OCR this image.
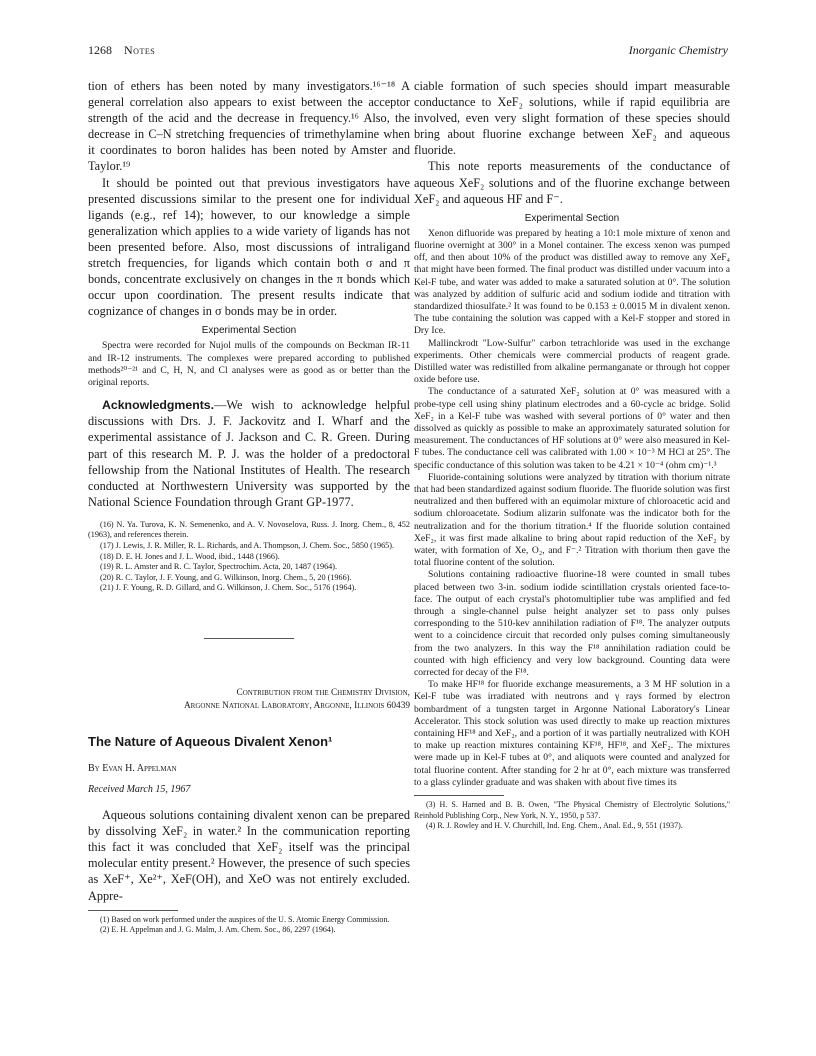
1268 Notes	Inorganic Chemistry

tion of ethers has been noted by many investigators.¹⁶⁻¹⁸ A general correlation also appears to exist between the acceptor strength of the acid and the decrease in frequency.¹⁶ Also, the decrease in C–N stretching frequencies of trimethylamine when it coordinates to boron halides has been noted by Amster and Taylor.¹⁹

It should be pointed out that previous investigators have presented discussions similar to the present one for individual ligands (e.g., ref 14); however, to our knowledge a simple generalization which applies to a wide variety of ligands has not been presented before. Also, most discussions of intraligand stretch frequencies, for ligands which contain both σ and π bonds, concentrate exclusively on changes in the π bonds which occur upon coordination. The present results indicate that cognizance of changes in σ bonds may be in order.

Experimental Section

Spectra were recorded for Nujol mulls of the compounds on Beckman IR-11 and IR-12 instruments. The complexes were prepared according to published methods²⁰⁻²¹ and C, H, N, and Cl analyses were as good as or better than the original reports.

Acknowledgments.—We wish to acknowledge helpful discussions with Drs. J. F. Jackovitz and I. Wharf and the experimental assistance of J. Jackson and C. R. Green. During part of this research M. P. J. was the holder of a predoctoral fellowship from the National Institutes of Health. The research conducted at Northwestern University was supported by the National Science Foundation through Grant GP-1977.

(16) N. Ya. Turova, K. N. Semenenko, and A. V. Novoselova, Russ. J. Inorg. Chem., 8, 452 (1963), and references therein.
(17) J. Lewis, J. R. Miller, R. L. Richards, and A. Thompson, J. Chem. Soc., 5850 (1965).
(18) D. E. H. Jones and J. L. Wood, ibid., 1448 (1966).
(19) R. L. Amster and R. C. Taylor, Spectrochim. Acta, 20, 1487 (1964).
(20) R. C. Taylor, J. F. Young, and G. Wilkinson, Inorg. Chem., 5, 20 (1966).
(21) J. F. Young, R. D. Gillard, and G. Wilkinson, J. Chem. Soc., 5176 (1964).
Contribution from the Chemistry Division,
Argonne National Laboratory, Argonne, Illinois 60439
The Nature of Aqueous Divalent Xenon¹
By Evan H. Appelman
Received March 15, 1967

Aqueous solutions containing divalent xenon can be prepared by dissolving XeF₂ in water.² In the communication reporting this fact it was concluded that XeF₂ itself was the principal molecular entity present.² However, the presence of such species as XeF⁺, Xe²⁺, XeF(OH), and XeO was not entirely excluded. Appre-

(1) Based on work performed under the auspices of the U. S. Atomic Energy Commission.
(2) E. H. Appelman and J. G. Malm, J. Am. Chem. Soc., 86, 2297 (1964).

ciable formation of such species should impart measurable conductance to XeF₂ solutions, while if rapid equilibria are involved, even very slight formation of these species should bring about fluorine exchange between XeF₂ and aqueous fluoride.

This note reports measurements of the conductance of aqueous XeF₂ solutions and of the fluorine exchange between XeF₂ and aqueous HF and F⁻.

Experimental Section

Xenon difluoride was prepared by heating a 10:1 mole mixture of xenon and fluorine overnight at 300° in a Monel container. The excess xenon was pumped off, and then about 10% of the product was distilled away to remove any XeF₄ that might have been formed. The final product was distilled under vacuum into a Kel-F tube, and water was added to make a saturated solution at 0°. The solution was analyzed by addition of sulfuric acid and sodium iodide and titration with standardized thiosulfate.² It was found to be 0.153 ± 0.0015 M in divalent xenon. The tube containing the solution was capped with a Kel-F stopper and stored in Dry Ice.

Mallinckrodt "Low-Sulfur" carbon tetrachloride was used in the exchange experiments. Other chemicals were commercial products of reagent grade. Distilled water was redistilled from alkaline permanganate or through hot copper oxide before use.

The conductance of a saturated XeF₂ solution at 0° was measured with a probe-type cell using shiny platinum electrodes and a 60-cycle ac bridge. Solid XeF₂ in a Kel-F tube was washed with several portions of 0° water and then dissolved as quickly as possible to make an approximately saturated solution for measurement. The conductances of HF solutions at 0° were also measured in Kel-F tubes. The conductance cell was calibrated with 1.00 × 10⁻³ M HCl at 25°. The specific conductance of this solution was taken to be 4.21 × 10⁻⁴ (ohm cm)⁻¹.³

Fluoride-containing solutions were analyzed by titration with thorium nitrate that had been standardized against sodium fluoride. The fluoride solution was first neutralized and then buffered with an equimolar mixture of chloroacetic acid and sodium chloroacetate. Sodium alizarin sulfonate was the indicator both for the neutralization and for the thorium titration.⁴ If the fluoride solution contained XeF₂, it was first made alkaline to bring about rapid reduction of the XeF₂ by water, with formation of Xe, O₂, and F⁻.² Titration with thorium then gave the total fluorine content of the solution.

Solutions containing radioactive fluorine-18 were counted in small tubes placed between two 3-in. sodium iodide scintillation crystals oriented face-to-face. The output of each crystal's photomultiplier tube was amplified and fed through a single-channel pulse height analyzer set to pass only pulses corresponding to the 510-kev annihilation radiation of F¹⁸. The analyzer outputs went to a coincidence circuit that recorded only pulses coming simultaneously from the two analyzers. In this way the F¹⁸ annihilation radiation could be counted with high efficiency and very low background. Counting data were corrected for decay of the F¹⁸.

To make HF¹⁸ for fluoride exchange measurements, a 3 M HF solution in a Kel-F tube was irradiated with neutrons and γ rays formed by electron bombardment of a tungsten target in Argonne National Laboratory's Linear Accelerator. This stock solution was used directly to make up reaction mixtures containing HF¹⁸ and XeF₂, and a portion of it was partially neutralized with KOH to make up reaction mixtures containing KF¹⁸, HF¹⁸, and XeF₂. The mixtures were made up in Kel-F tubes at 0°, and aliquots were counted and analyzed for total fluorine content. After standing for 2 hr at 0°, each mixture was transferred to a glass cylinder graduate and was shaken with about five times its

(3) H. S. Harned and B. B. Owen, "The Physical Chemistry of Electrolytic Solutions," Reinhold Publishing Corp., New York, N. Y., 1950, p 537.
(4) R. J. Rowley and H. V. Churchill, Ind. Eng. Chem., Anal. Ed., 9, 551 (1937).
